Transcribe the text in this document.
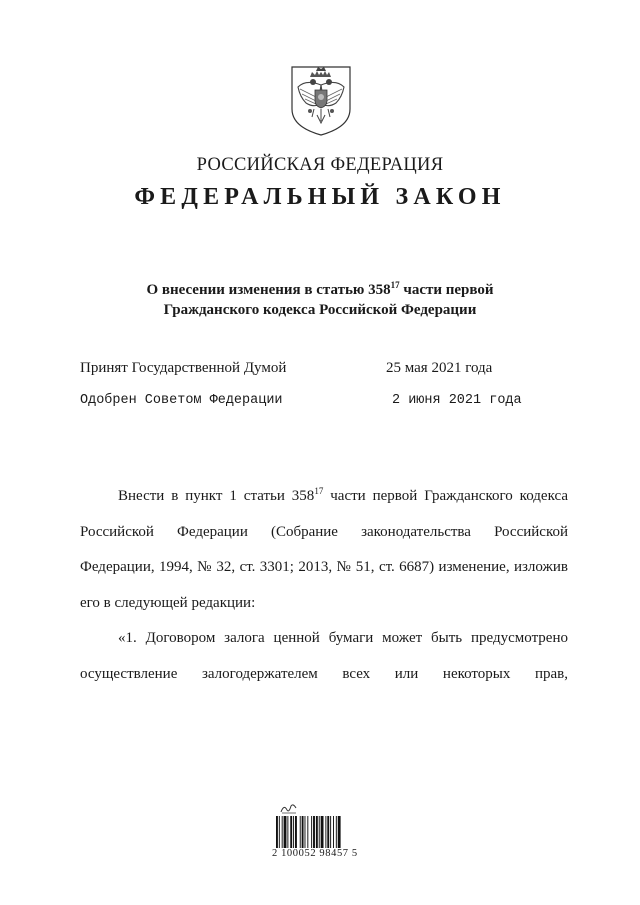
РОССИЙСКАЯ ФЕДЕРАЦИЯ
ФЕДЕРАЛЬНЫЙ ЗАКОН
О внесении изменения в статью $358^{17}$ части первой
Гражданского кодекса Российской Федерации
Принят Государственной Думой	25 мая 2021 года
Одобрен Советом Федерации	2 июня 2021 года
Внести в пункт 1 статьи $358^{17}$ части первой Гражданского кодекса Российской Федерации (Собрание законодательства Российской Федерации, 1994, № 32, ст. 3301; 2013, № 51, ст. 6687) изменение, изложив его в следующей редакции:
«1. Договором залога ценной бумаги может быть предусмотрено осуществление залогодержателем всех или некоторых прав,
2 100052 98457 5
